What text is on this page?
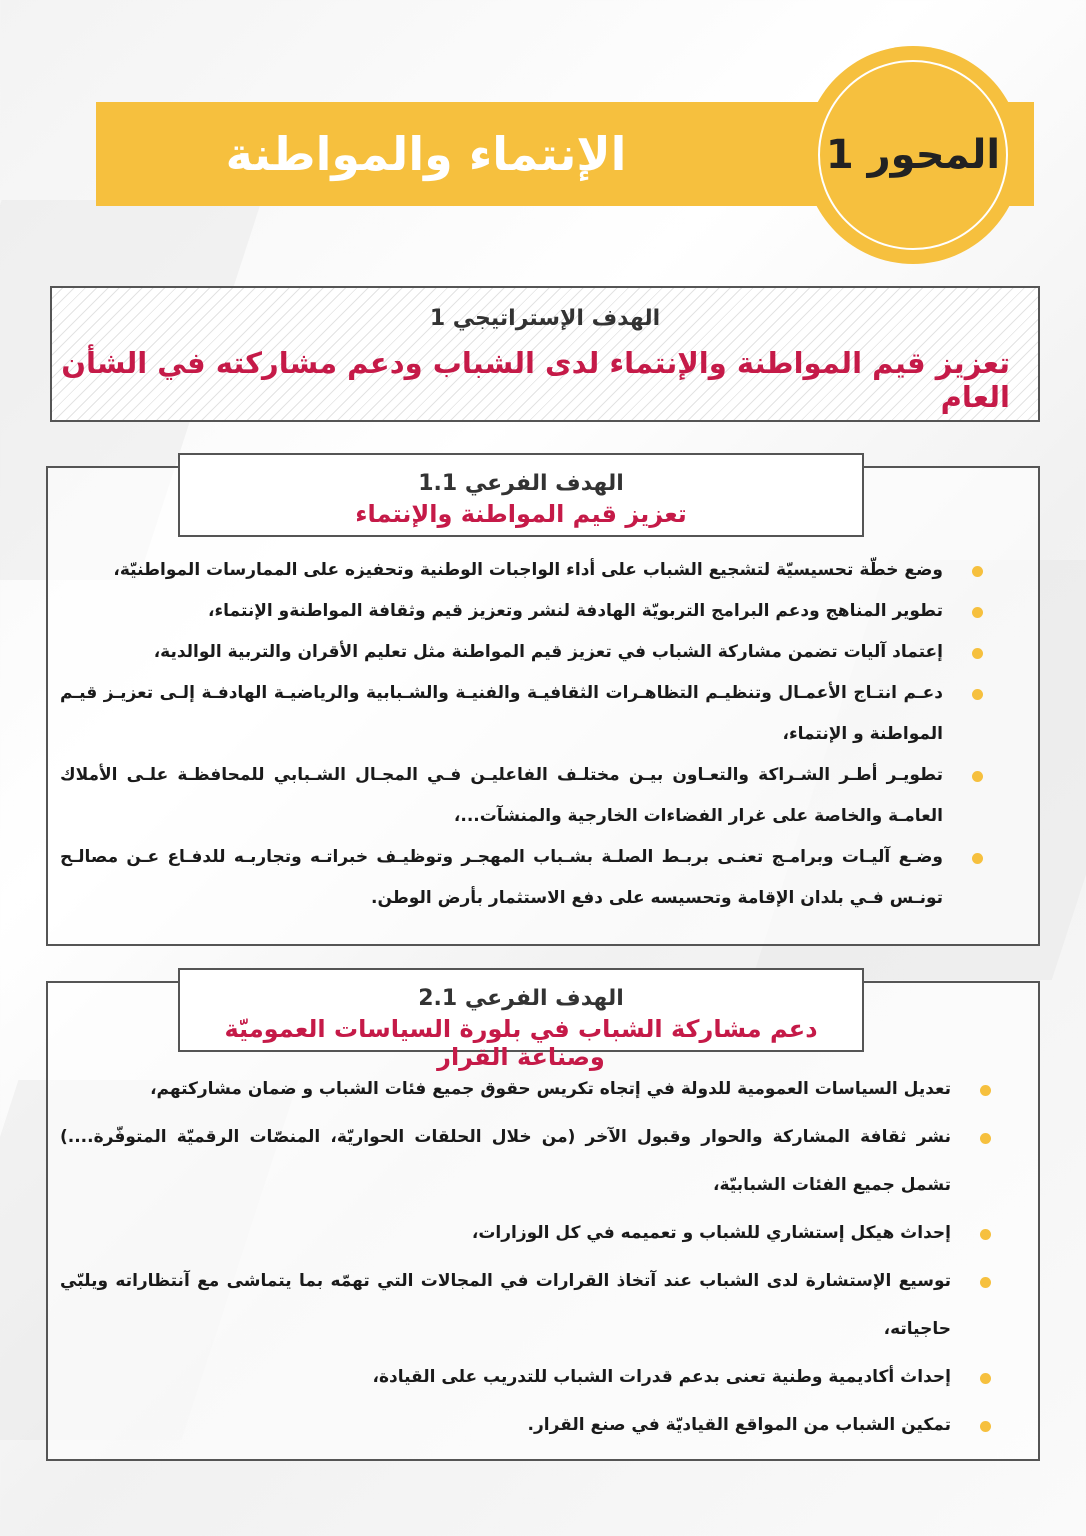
الإنتماء والمواطنة	المحور 1
الهدف الإستراتيجي 1
تعزيز قيم المواطنة والإنتماء لدى الشباب ودعم مشاركته في الشأن العام
الهدف الفرعي 1.1
تعزيز قيم المواطنة والإنتماء
وضع خطّة تحسيسيّة لتشجيع الشباب على أداء الواجبات الوطنية وتحفيزه على الممارسات المواطنيّة،
تطوير المناهج ودعم البرامج التربويّة الهادفة لنشر وتعزيز قيم وثقافة المواطنةو الإنتماء،
إعتماد آليات تضمن مشاركة الشباب في تعزيز قيم المواطنة مثل تعليم الأقران والتربية الوالدية،
دعـم انتـاج الأعمـال وتنظيـم التظاهـرات الثقافيـة والفنيـة والشـبابية والرياضيـة الهادفـة إلـى تعزيـز قيـم المواطنة و الإنتماء،
تطويـر أطـر الشـراكة والتعـاون بيـن مختلـف الفاعليـن فـي المجـال الشـبابي للمحافظـة علـى الأملاك العامـة والخاصة على غرار الفضاءات الخارجية والمنشآت...،
وضـع آليـات وبرامـج تعنـى بربـط الصلـة بشـباب المهجـر وتوظيـف خبراتـه وتجاربـه للدفـاع عـن مصالـح تونـس فـي بلدان الإقامة وتحسيسه على دفع الاستثمار بأرض الوطن.
الهدف الفرعي 2.1
دعم مشاركة الشباب في بلورة السياسات العموميّة وصناعة القرار
تعديل السياسات العمومية للدولة في إتجاه تكريس حقوق جميع فئات الشباب و ضمان مشاركتهم،
نشر ثقافة المشاركة والحوار وقبول الآخر (من خلال الحلقات الحواريّة، المنصّات الرقميّة المتوفّرة....) تشمل جميع الفئات الشبابيّة،
إحداث هيكل إستشاري للشباب و تعميمه في كل الوزارات،
توسيع الإستشارة لدى الشباب عند آتخاذ القرارات في المجالات التي تهمّه بما يتماشى مع آنتظاراته ويلبّي حاجياته،
إحداث أكاديمية وطنية تعنى بدعم قدرات الشباب للتدريب على القيادة،
تمكين الشباب من المواقع القياديّة في صنع القرار.
